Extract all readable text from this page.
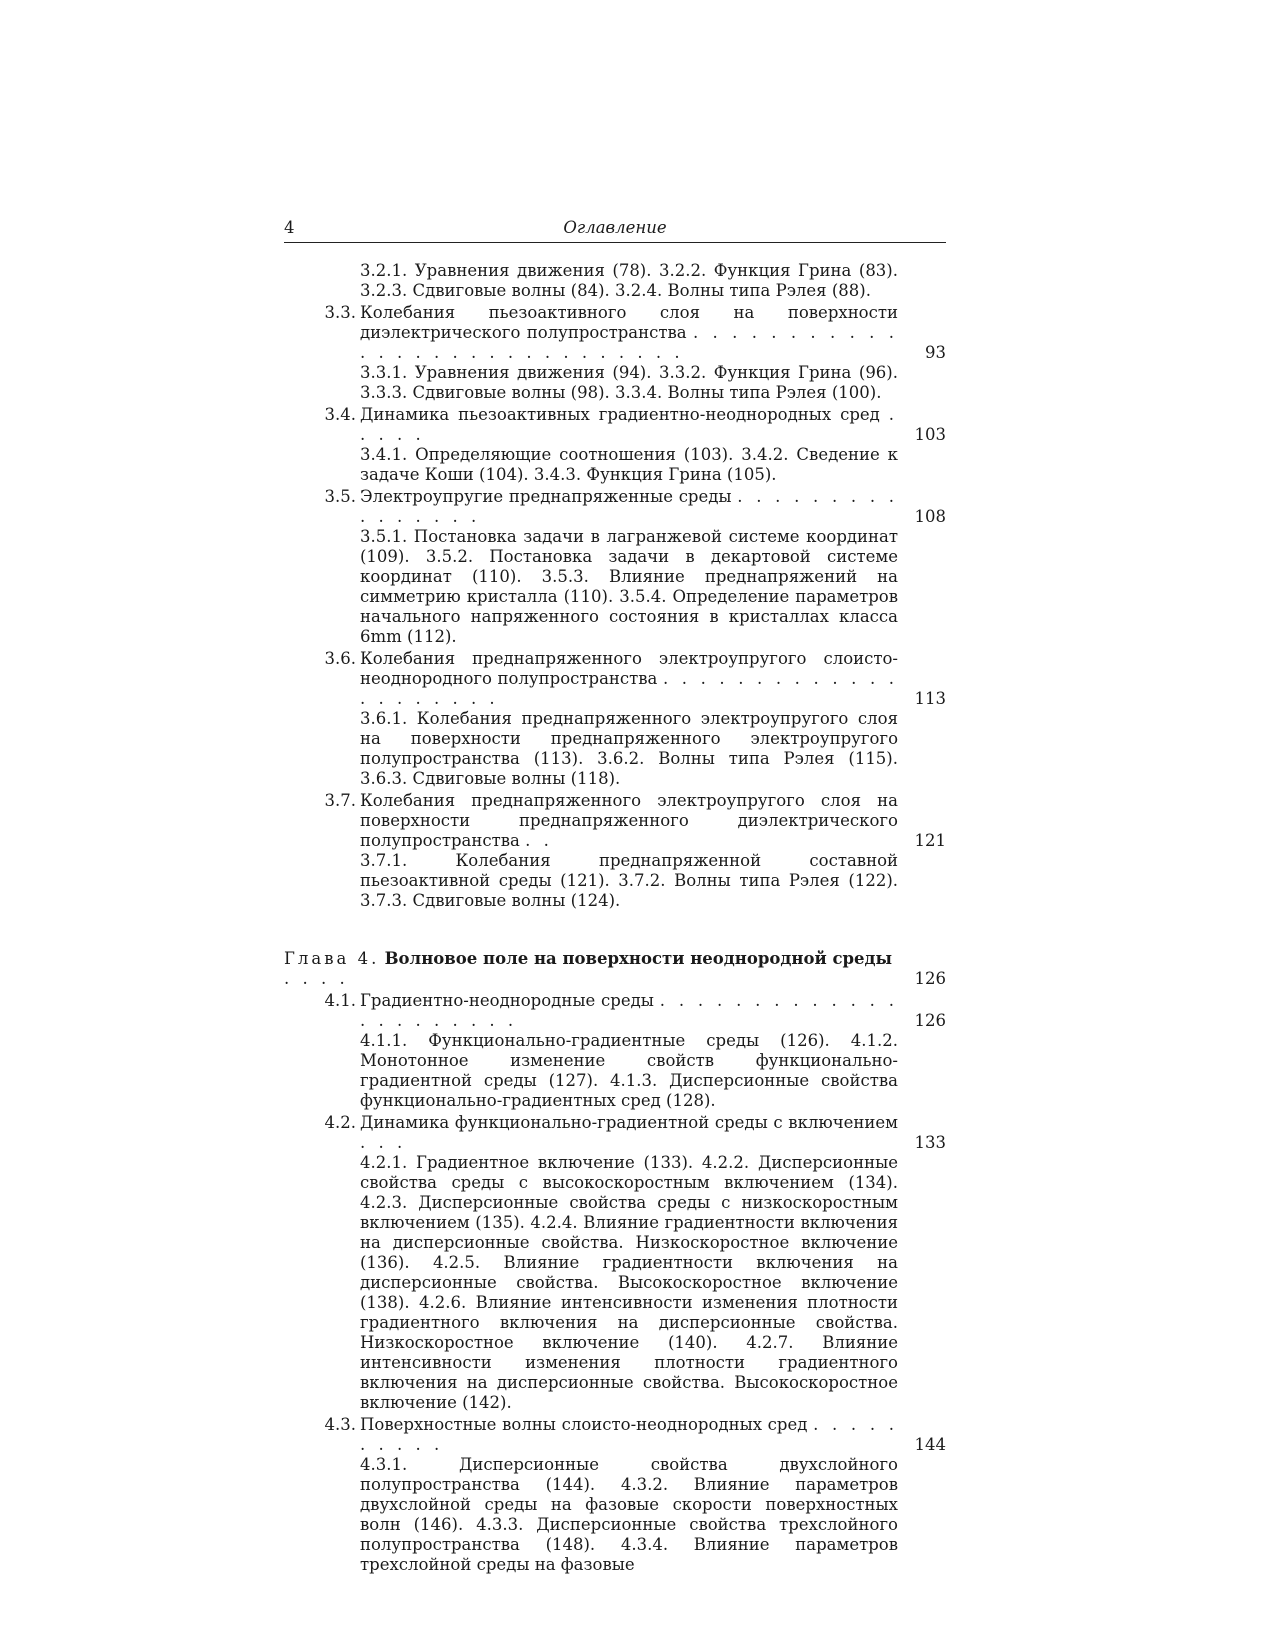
4	Оглавление
3.2.1. Уравнения движения (78). 3.2.2. Функция Грина (83). 3.2.3. Сдвиговые волны (84). 3.2.4. Волны типа Рэлея (88).
3.3. Колебания пьезоактивного слоя на поверхности диэлектрического полупространства . . . . . . . . . . . . . . . . . . . . . . . . . . . . .	93
3.3.1. Уравнения движения (94). 3.3.2. Функция Грина (96). 3.3.3. Сдвиговые волны (98). 3.3.4. Волны типа Рэлея (100).
3.4. Динамика пьезоактивных градиентно-неоднородных сред . . . . .	103
3.4.1. Определяющие соотношения (103). 3.4.2. Сведение к задаче Коши (104). 3.4.3. Функция Грина (105).
3.5. Электроупругие преднапряженные среды . . . . . . . . . . . . . . . .	108
3.5.1. Постановка задачи в лагранжевой системе координат (109). 3.5.2. Постановка задачи в декартовой системе координат (110). 3.5.3. Влияние преднапряжений на симметрию кристалла (110). 3.5.4. Определение параметров начального напряженного состояния в кристаллах класса 6mm (112).
3.6. Колебания преднапряженного электроупругого слоисто-неоднородного полупространства . . . . . . . . . . . . . . . . . . . . .	113
3.6.1. Колебания преднапряженного электроупругого слоя на поверхности преднапряженного электроупругого полупространства (113). 3.6.2. Волны типа Рэлея (115). 3.6.3. Сдвиговые волны (118).
3.7. Колебания преднапряженного электроупругого слоя на поверхности преднапряженного диэлектрического полупространства . .	121
3.7.1. Колебания преднапряженной составной пьезоактивной среды (121). 3.7.2. Волны типа Рэлея (122). 3.7.3. Сдвиговые волны (124).
Глава 4. Волновое поле на поверхности неоднородной среды . . . .	126
4.1. Градиентно-неоднородные среды . . . . . . . . . . . . . . . . . . . . . .	126
4.1.1. Функционально-градиентные среды (126). 4.1.2. Монотонное изменение свойств функционально-градиентной среды (127). 4.1.3. Дисперсионные свойства функционально-градиентных сред (128).
4.2. Динамика функционально-градиентной среды с включением . . .	133
4.2.1. Градиентное включение (133). 4.2.2. Дисперсионные свойства среды с высокоскоростным включением (134). 4.2.3. Дисперсионные свойства среды с низкоскоростным включением (135). 4.2.4. Влияние градиентности включения на дисперсионные свойства. Низкоскоростное включение (136). 4.2.5. Влияние градиентности включения на дисперсионные свойства. Высокоскоростное включение (138). 4.2.6. Влияние интенсивности изменения плотности градиентного включения на дисперсионные свойства. Низкоскоростное включение (140). 4.2.7. Влияние интенсивности изменения плотности градиентного включения на дисперсионные свойства. Высокоскоростное включение (142).
4.3. Поверхностные волны слоисто-неоднородных сред . . . . . . . . . .	144
4.3.1. Дисперсионные свойства двухслойного полупространства (144). 4.3.2. Влияние параметров двухслойной среды на фазовые скорости поверхностных волн (146). 4.3.3. Дисперсионные свойства трехслойного полупространства (148). 4.3.4. Влияние параметров трехслойной среды на фазовые
